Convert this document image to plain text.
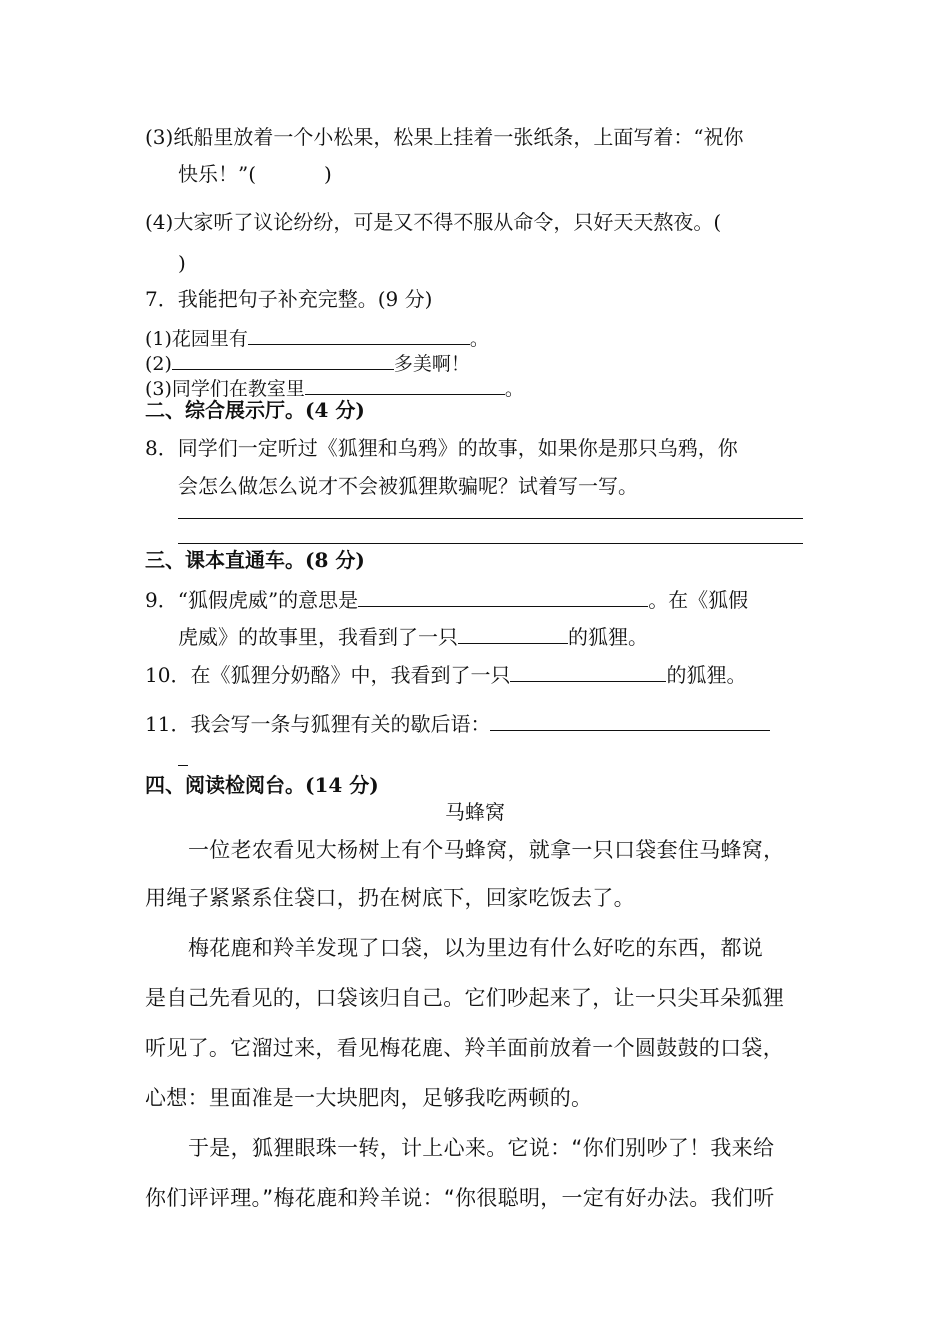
(3)纸船里放着一个小松果，松果上挂着一张纸条，上面写着：“祝你
快乐！”(	)
(4)大家听了议论纷纷，可是又不得不服从命令，只好天天熬夜。(
)
7．我能把句子补充完整。(9 分)
(1)花园里有	。
(2)	多美啊！
(3)同学们在教室里	。
二、综合展示厅。(4 分)
8．同学们一定听过《狐狸和乌鸦》的故事，如果你是那只乌鸦，你
会怎么做怎么说才不会被狐狸欺骗呢？试着写一写。
三、课本直通车。(8 分)
9．“狐假虎威”的意思是	。在《狐假
虎威》的故事里，我看到了一只	的狐狸。
10．在《狐狸分奶酪》中，我看到了一只	的狐狸。
11．我会写一条与狐狸有关的歇后语：
四、阅读检阅台。(14 分)
马蜂窝
一位老农看见大杨树上有个马蜂窝，就拿一只口袋套住马蜂窝，
用绳子紧紧系住袋口，扔在树底下，回家吃饭去了。
梅花鹿和羚羊发现了口袋，以为里边有什么好吃的东西，都说
是自己先看见的，口袋该归自己。它们吵起来了，让一只尖耳朵狐狸
听见了。它溜过来，看见梅花鹿、羚羊面前放着一个圆鼓鼓的口袋，
心想：里面准是一大块肥肉，足够我吃两顿的。
于是，狐狸眼珠一转，计上心来。它说：“你们别吵了！我来给
你们评评理。”梅花鹿和羚羊说：“你很聪明，一定有好办法。我们听
